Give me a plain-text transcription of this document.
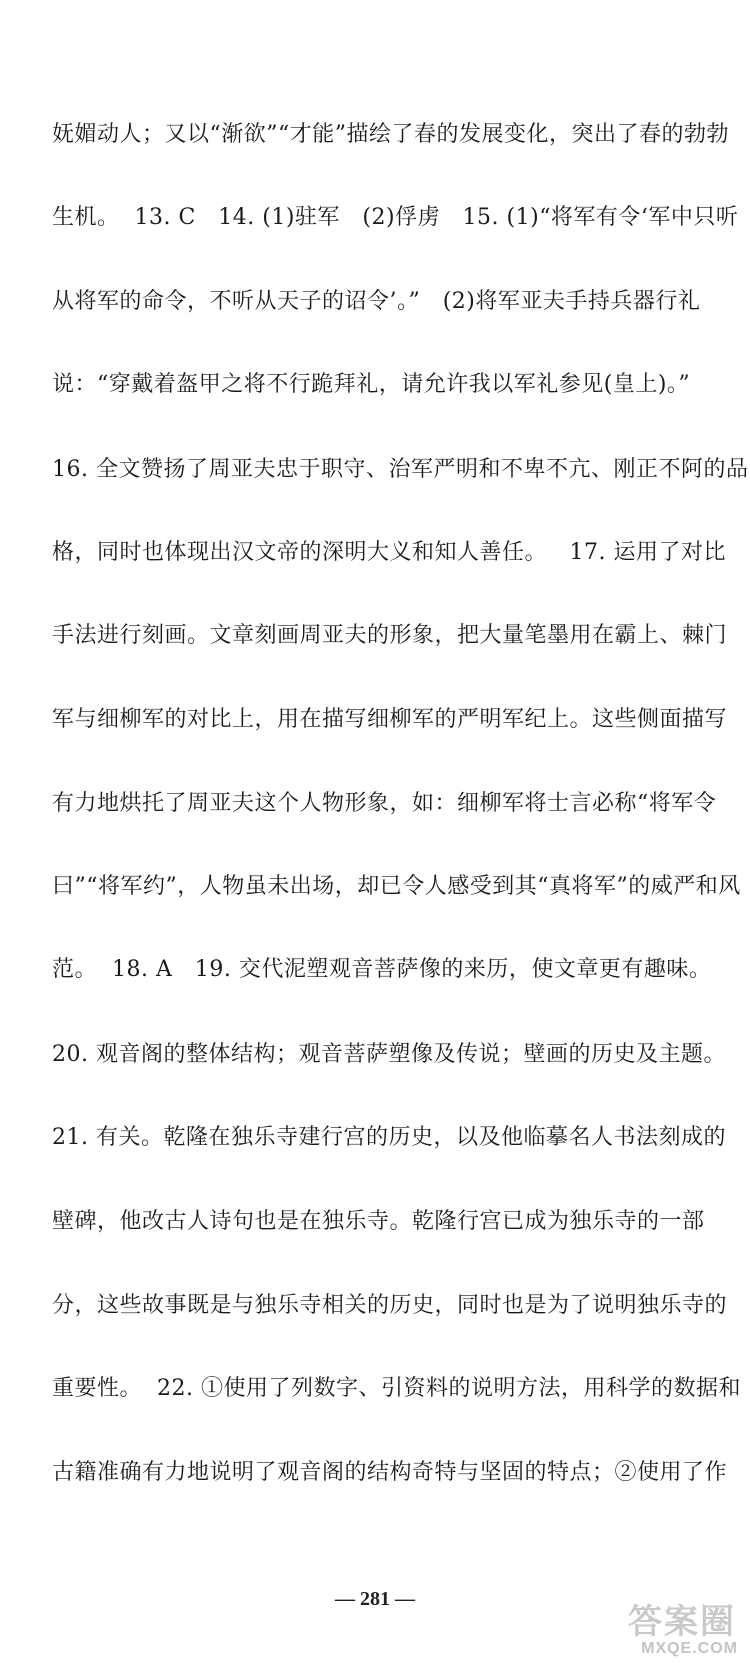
妩媚动人；又以“渐欲”“才能”描绘了春的发展变化，突出了春的勃勃
生机。  13. C   14. (1)驻军   (2)俘虏   15. (1)“将军有令‘军中只听
从将军的命令，不听从天子的诏令’。”   (2)将军亚夫手持兵器行礼
说：“穿戴着盔甲之将不行跪拜礼，请允许我以军礼参见(皇上)。”
16. 全文赞扬了周亚夫忠于职守、治军严明和不卑不亢、刚正不阿的品
格，同时也体现出汉文帝的深明大义和知人善任。   17. 运用了对比
手法进行刻画。文章刻画周亚夫的形象，把大量笔墨用在霸上、棘门
军与细柳军的对比上，用在描写细柳军的严明军纪上。这些侧面描写
有力地烘托了周亚夫这个人物形象，如：细柳军将士言必称“将军令
曰”“将军约”，人物虽未出场，却已令人感受到其“真将军”的威严和风
范。  18. A   19. 交代泥塑观音菩萨像的来历，使文章更有趣味。
20. 观音阁的整体结构；观音菩萨塑像及传说；壁画的历史及主题。
21. 有关。乾隆在独乐寺建行宫的历史，以及他临摹名人书法刻成的
壁碑，他改古人诗句也是在独乐寺。乾隆行宫已成为独乐寺的一部
分，这些故事既是与独乐寺相关的历史，同时也是为了说明独乐寺的
重要性。  22. ①使用了列数字、引资料的说明方法，用科学的数据和
古籍准确有力地说明了观音阁的结构奇特与坚固的特点；②使用了作
— 281 —
答案圈
MXQE.COM
